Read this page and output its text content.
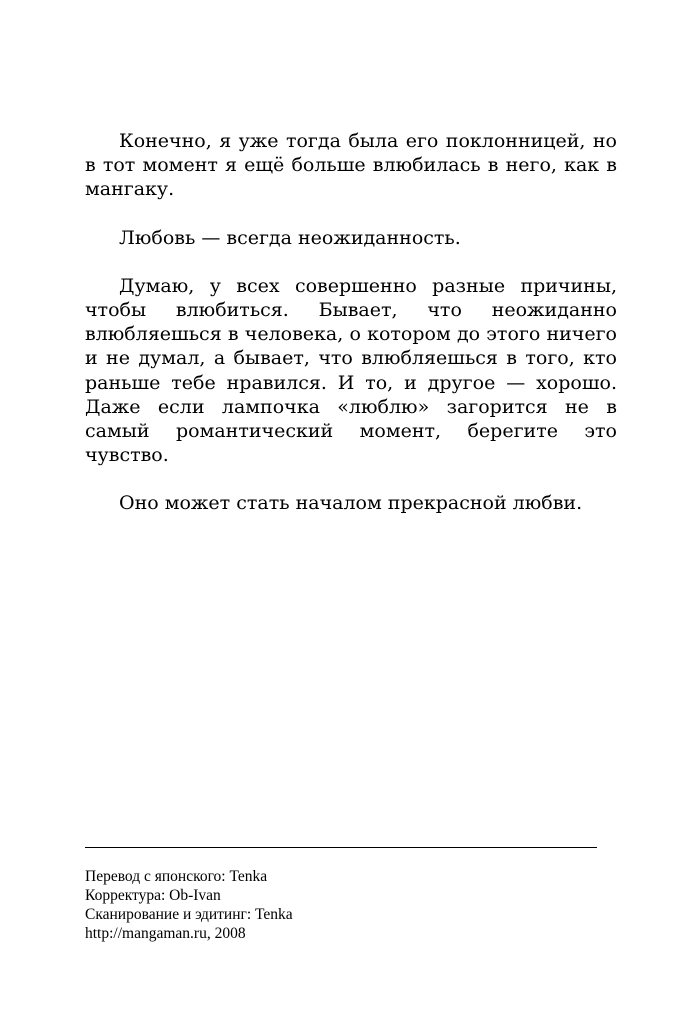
Конечно, я уже тогда была его поклонницей, но в тот момент я ещё больше влюбилась в него, как в мангаку.

Любовь — всегда неожиданность.

Думаю, у всех совершенно разные причины, чтобы влюбиться. Бывает, что неожиданно влюбляешься в человека, о котором до этого ничего и не думал, а бывает, что влюбляешься в того, кто раньше тебе нравился. И то, и другое — хорошо. Даже если лампочка «люблю» загорится не в самый романтический момент, берегите это чувство.

Оно может стать началом прекрасной любви.

Перевод с японского: Tenka
Корректура: Ob-Ivan
Сканирование и эдитинг: Tenka
http://mangaman.ru, 2008
